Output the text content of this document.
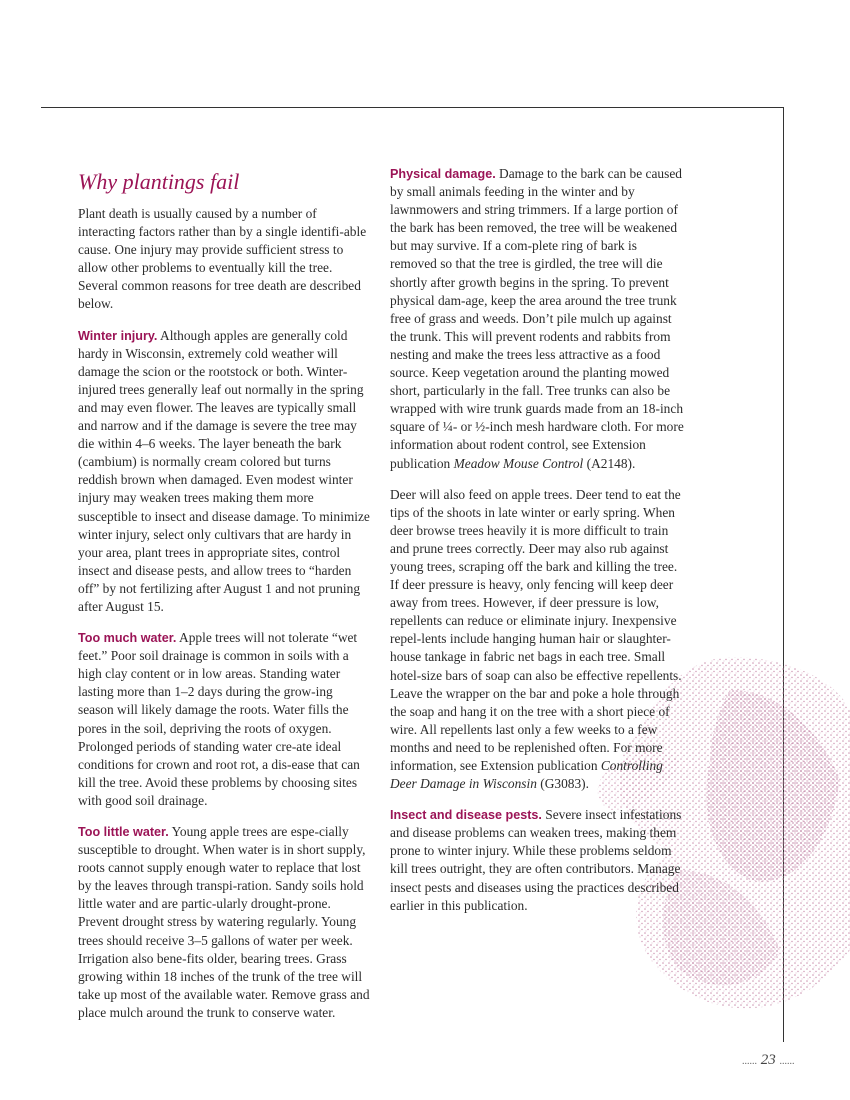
Why plantings fail

Plant death is usually caused by a number of interacting factors rather than by a single identifi-able cause. One injury may provide sufficient stress to allow other problems to eventually kill the tree. Several common reasons for tree death are described below.

Winter injury. Although apples are generally cold hardy in Wisconsin, extremely cold weather will damage the scion or the rootstock or both. Winter-injured trees generally leaf out normally in the spring and may even flower. The leaves are typically small and narrow and if the damage is severe the tree may die within 4–6 weeks. The layer beneath the bark (cambium) is normally cream colored but turns reddish brown when damaged. Even modest winter injury may weaken trees making them more susceptible to insect and disease damage. To minimize winter injury, select only cultivars that are hardy in your area, plant trees in appropriate sites, control insect and disease pests, and allow trees to “harden off” by not fertilizing after August 1 and not pruning after August 15.

Too much water. Apple trees will not tolerate “wet feet.” Poor soil drainage is common in soils with a high clay content or in low areas. Standing water lasting more than 1–2 days during the grow-ing season will likely damage the roots. Water fills the pores in the soil, depriving the roots of oxygen. Prolonged periods of standing water cre-ate ideal conditions for crown and root rot, a dis-ease that can kill the tree. Avoid these problems by choosing sites with good soil drainage.

Too little water. Young apple trees are espe-cially susceptible to drought. When water is in short supply, roots cannot supply enough water to replace that lost by the leaves through transpi-ration. Sandy soils hold little water and are partic-ularly drought-prone. Prevent drought stress by watering regularly. Young trees should receive 3–5 gallons of water per week. Irrigation also bene-fits older, bearing trees. Grass growing within 18 inches of the trunk of the tree will take up most of the available water. Remove grass and place mulch around the trunk to conserve water.

Physical damage. Damage to the bark can be caused by small animals feeding in the winter and by lawnmowers and string trimmers. If a large portion of the bark has been removed, the tree will be weakened but may survive. If a com-plete ring of bark is removed so that the tree is girdled, the tree will die shortly after growth begins in the spring. To prevent physical dam-age, keep the area around the tree trunk free of grass and weeds. Don’t pile mulch up against the trunk. This will prevent rodents and rabbits from nesting and make the trees less attractive as a food source. Keep vegetation around the planting mowed short, particularly in the fall. Tree trunks can also be wrapped with wire trunk guards made from an 18-inch square of ¼- or ½-inch mesh hardware cloth. For more information about rodent control, see Extension publication Meadow Mouse Control (A2148).

Deer will also feed on apple trees. Deer tend to eat the tips of the shoots in late winter or early spring. When deer browse trees heavily it is more difficult to train and prune trees correctly. Deer may also rub against young trees, scraping off the bark and killing the tree. If deer pressure is heavy, only fencing will keep deer away from trees. However, if deer pressure is low, repellents can reduce or eliminate injury. Inexpensive repel-lents include hanging human hair or slaughter-house tankage in fabric net bags in each tree. Small hotel-size bars of soap can also be effective repellents. Leave the wrapper on the bar and poke a hole through the soap and hang it on the tree with a short piece of wire. All repellents last only a few weeks to a few months and need to be replenished often. For more information, see Extension publication Controlling Deer Damage in Wisconsin (G3083).

Insect and disease pests. Severe insect infestations and disease problems can weaken trees, making them prone to winter injury. While these problems seldom kill trees outright, they are often contributors. Manage insect pests and diseases using the practices described earlier in this publication.

...... 23 ......
